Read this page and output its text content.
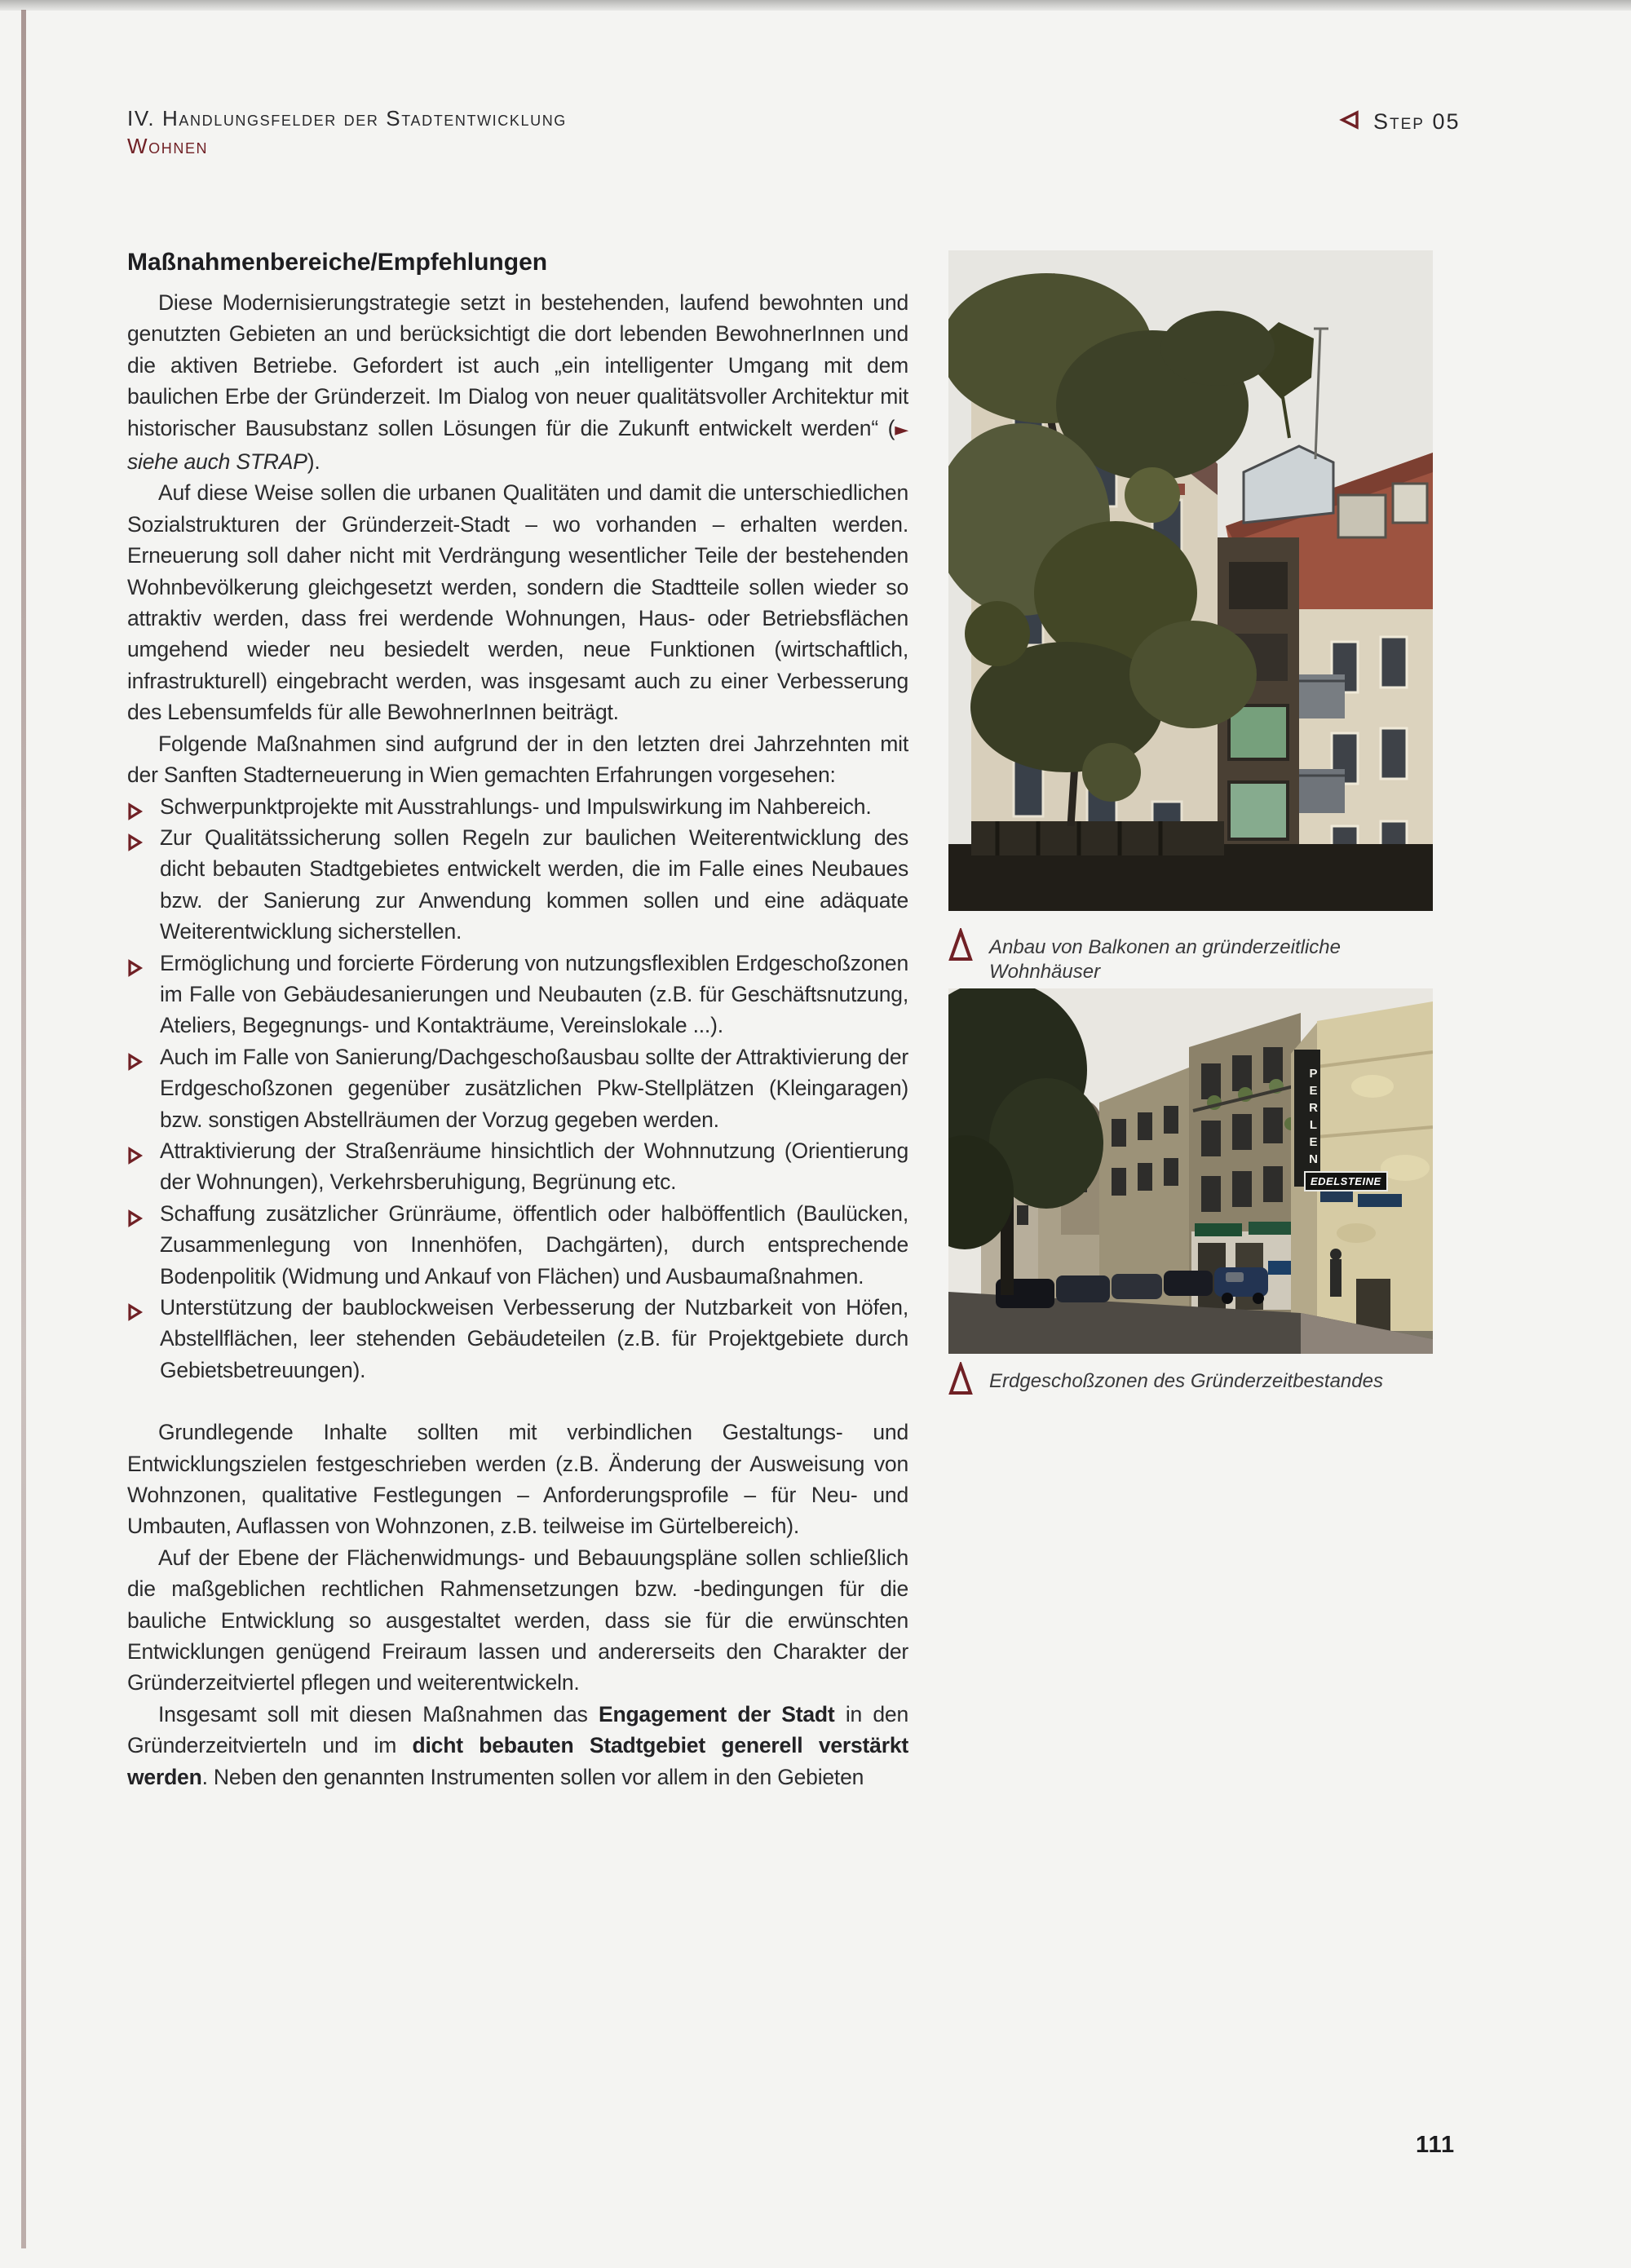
IV. Handlungsfelder der Stadtentwicklung
Wohnen
Step 05
Maßnahmenbereiche/Empfehlungen

Diese Modernisierungstrategie setzt in bestehenden, laufend bewohnten und genutzten Gebieten an und berücksichtigt die dort lebenden BewohnerInnen und die aktiven Betriebe. Gefordert ist auch „ein intelligenter Umgang mit dem baulichen Erbe der Gründerzeit. Im Dialog von neuer qualitätsvoller Architektur mit historischer Bausubstanz sollen Lösungen für die Zukunft entwickelt werden“ (► siehe auch STRAP).

Auf diese Weise sollen die urbanen Qualitäten und damit die unterschiedlichen Sozialstrukturen der Gründerzeit-Stadt – wo vorhanden – erhalten werden. Erneuerung soll daher nicht mit Verdrängung wesentlicher Teile der bestehenden Wohnbevölkerung gleichgesetzt werden, sondern die Stadtteile sollen wieder so attraktiv werden, dass frei werdende Wohnungen, Haus- oder Betriebsflächen umgehend wieder neu besiedelt werden, neue Funktionen (wirtschaftlich, infrastrukturell) eingebracht werden, was insgesamt auch zu einer Verbesserung des Lebensumfelds für alle BewohnerInnen beiträgt.

Folgende Maßnahmen sind aufgrund der in den letzten drei Jahrzehnten mit der Sanften Stadterneuerung in Wien gemachten Erfahrungen vorgesehen:

Schwerpunktprojekte mit Ausstrahlungs- und Impulswirkung im Nahbereich.
Zur Qualitätssicherung sollen Regeln zur baulichen Weiterentwicklung des dicht bebauten Stadtgebietes entwickelt werden, die im Falle eines Neubaues bzw. der Sanierung zur Anwendung kommen sollen und eine adäquate Weiterentwicklung sicherstellen.
Ermöglichung und forcierte Förderung von nutzungsflexiblen Erdgeschoßzonen im Falle von Gebäudesanierungen und Neubauten (z.B. für Geschäftsnutzung, Ateliers, Begegnungs- und Kontakträume, Vereinslokale ...).
Auch im Falle von Sanierung/Dachgeschoßausbau sollte der Attraktivierung der Erdgeschoßzonen gegenüber zusätzlichen Pkw-Stellplätzen (Kleingaragen) bzw. sonstigen Abstellräumen der Vorzug gegeben werden.
Attraktivierung der Straßenräume hinsichtlich der Wohnnutzung (Orientierung der Wohnungen), Verkehrsberuhigung, Begrünung etc.
Schaffung zusätzlicher Grünräume, öffentlich oder halböffentlich (Baulücken, Zusammenlegung von Innenhöfen, Dachgärten), durch entsprechende Bodenpolitik (Widmung und Ankauf von Flächen) und Ausbaumaßnahmen.
Unterstützung der baublockweisen Verbesserung der Nutzbarkeit von Höfen, Abstellflächen, leer stehenden Gebäudeteilen (z.B. für Projektgebiete durch Gebietsbetreuungen).

Grundlegende Inhalte sollten mit verbindlichen Gestaltungs- und Entwicklungszielen festgeschrieben werden (z.B. Änderung der Ausweisung von Wohnzonen, qualitative Festlegungen – Anforderungsprofile – für Neu- und Umbauten, Auflassen von Wohnzonen, z.B. teilweise im Gürtelbereich).

Auf der Ebene der Flächenwidmungs- und Bebauungspläne sollen schließlich die maßgeblichen rechtlichen Rahmensetzungen bzw. -bedingungen für die bauliche Entwicklung so ausgestaltet werden, dass sie für die erwünschten Entwicklungen genügend Freiraum lassen und andererseits den Charakter der Gründerzeitviertel pflegen und weiterentwickeln.

Insgesamt soll mit diesen Maßnahmen das Engagement der Stadt in den Gründerzeitvierteln und im dicht bebauten Stadtgebiet generell verstärkt werden. Neben den genannten Instrumenten sollen vor allem in den Gebieten

Anbau von Balkonen an gründerzeitliche Wohnhäuser
PERLEN
EDELSTEINE
Erdgeschoßzonen des Gründerzeitbestandes
111
